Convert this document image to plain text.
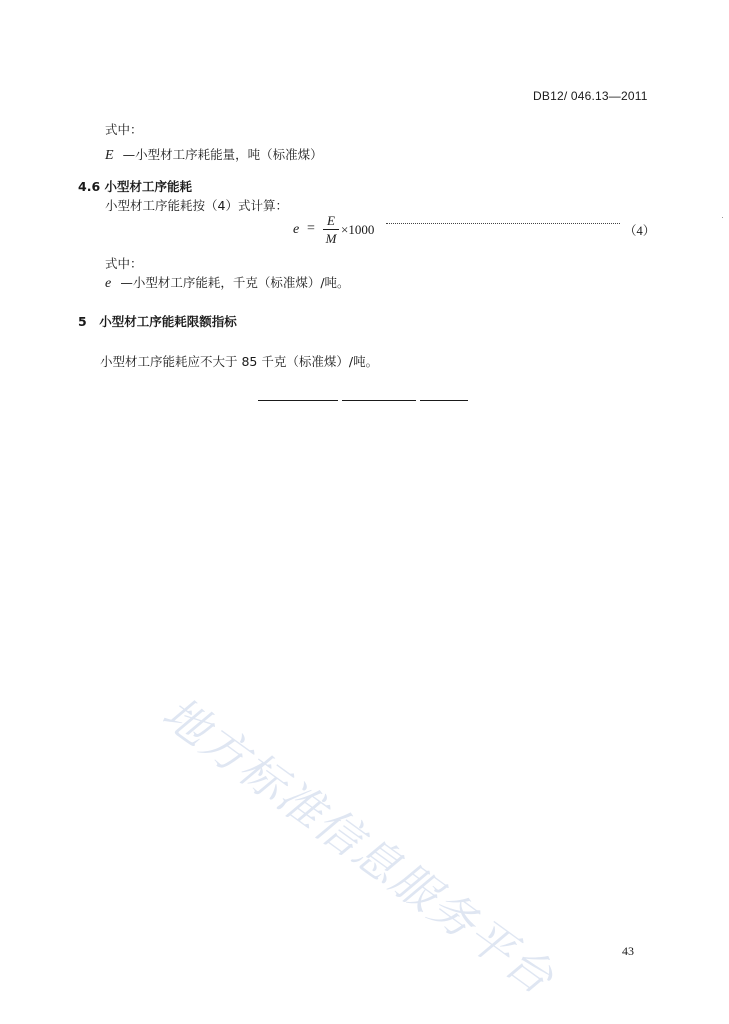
DB12/ 046.13—2011
式中：
E —小型材工序耗能量，吨（标准煤）
4.6 小型材工序能耗
小型材工序能耗按（4）式计算：
e =
E
M
×1000	（4）
式中：
e —小型材工序能耗，千克（标准煤）/吨。
5　小型材工序能耗限额指标
小型材工序能耗应不大于 85 千克（标准煤）/吨。
地方标准信息服务平台	43
